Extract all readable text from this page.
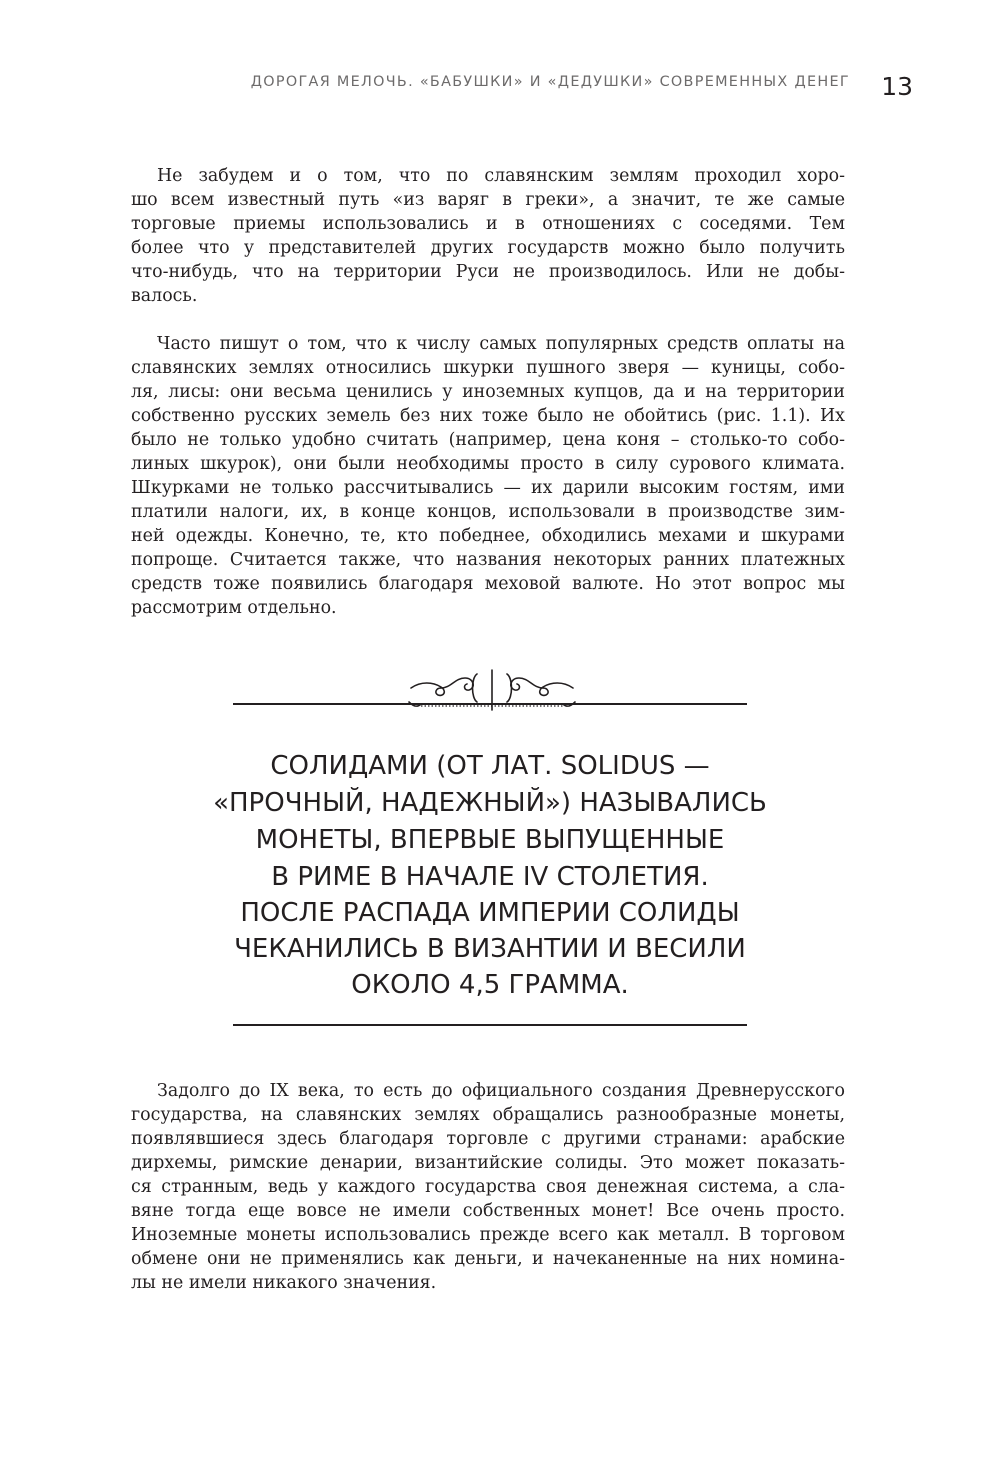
ДОРОГАЯ МЕЛОЧЬ. «БАБУШКИ» И «ДЕДУШКИ» СОВРЕМЕННЫХ ДЕНЕГ 13
Не забудем и о том, что по славянским землям проходил хоро-
шо всем известный путь «из варяг в греки», а значит, те же самые
торговые приемы использовались и в отношениях с соседями. Тем
более что у представителей других государств можно было получить
что-нибудь, что на территории Руси не производилось. Или не добы-
валось.
Часто пишут о том, что к числу самых популярных средств оплаты на
славянских землях относились шкурки пушного зверя — куницы, собо-
ля, лисы: они весьма ценились у иноземных купцов, да и на территории
собственно русских земель без них тоже было не обойтись (рис. 1.1). Их
было не только удобно считать (например, цена коня – столько-то собо-
линых шкурок), они были необходимы просто в силу сурового климата.
Шкурками не только рассчитывались — их дарили высоким гостям, ими
платили налоги, их, в конце концов, использовали в производстве зим-
ней одежды. Конечно, те, кто победнее, обходились мехами и шкурами
попроще. Считается также, что названия некоторых ранних платежных
средств тоже появились благодаря меховой валюте. Но этот вопрос мы
рассмотрим отдельно.
СОЛИДАМИ (ОТ ЛАТ. SOLIDUS —
«ПРОЧНЫЙ, НАДЕЖНЫЙ») НАЗЫВАЛИСЬ
МОНЕТЫ, ВПЕРВЫЕ ВЫПУЩЕННЫЕ
В РИМЕ В НАЧАЛЕ IV СТОЛЕТИЯ.
ПОСЛЕ РАСПАДА ИМПЕРИИ СОЛИДЫ
ЧЕКАНИЛИСЬ В ВИЗАНТИИ И ВЕСИЛИ
ОКОЛО 4,5 ГРАММА.
Задолго до IX века, то есть до официального создания Древнерусского
государства, на славянских землях обращались разнообразные монеты,
появлявшиеся здесь благодаря торговле с другими странами: арабские
дирхемы, римские денарии, византийские солиды. Это может показать-
ся странным, ведь у каждого государства своя денежная система, а сла-
вяне тогда еще вовсе не имели собственных монет! Все очень просто.
Иноземные монеты использовались прежде всего как металл. В торговом
обмене они не применялись как деньги, и начеканенные на них номина-
лы не имели никакого значения.
